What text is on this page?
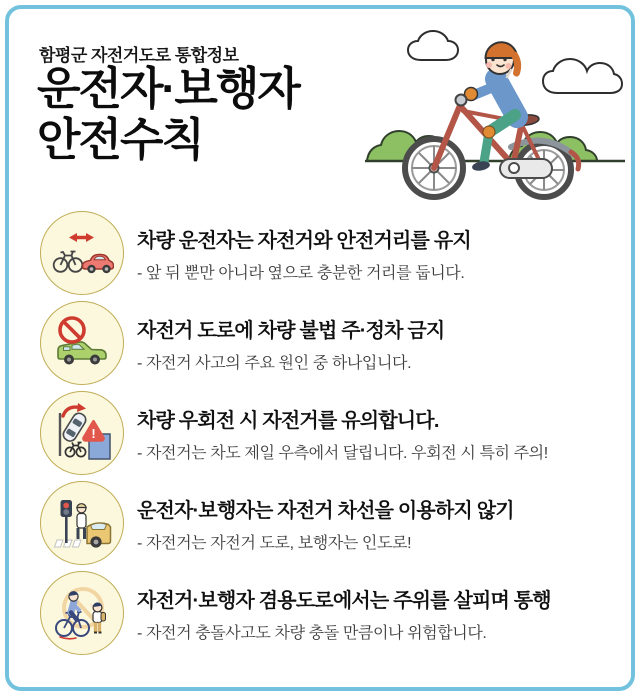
함평군 자전거도로 통합정보
운전자·보행자
안전수칙
차량 운전자는 자전거와 안전거리를 유지
- 앞 뒤 뿐만 아니라 옆으로 충분한 거리를 둡니다.
자전거 도로에 차량 불법 주·정차 금지
- 자전거 사고의 주요 원인 중 하나입니다.
!
차량 우회전 시 자전거를 유의합니다.
- 자전거는 차도 제일 우측에서 달립니다. 우회전 시 특히 주의!
운전자·보행자는 자전거 차선을 이용하지 않기
- 자전거는 자전거 도로, 보행자는 인도로!
자전거·보행자 겸용도로에서는 주위를 살피며 통행
- 자전거 충돌사고도 차량 충돌 만큼이나 위험합니다.
